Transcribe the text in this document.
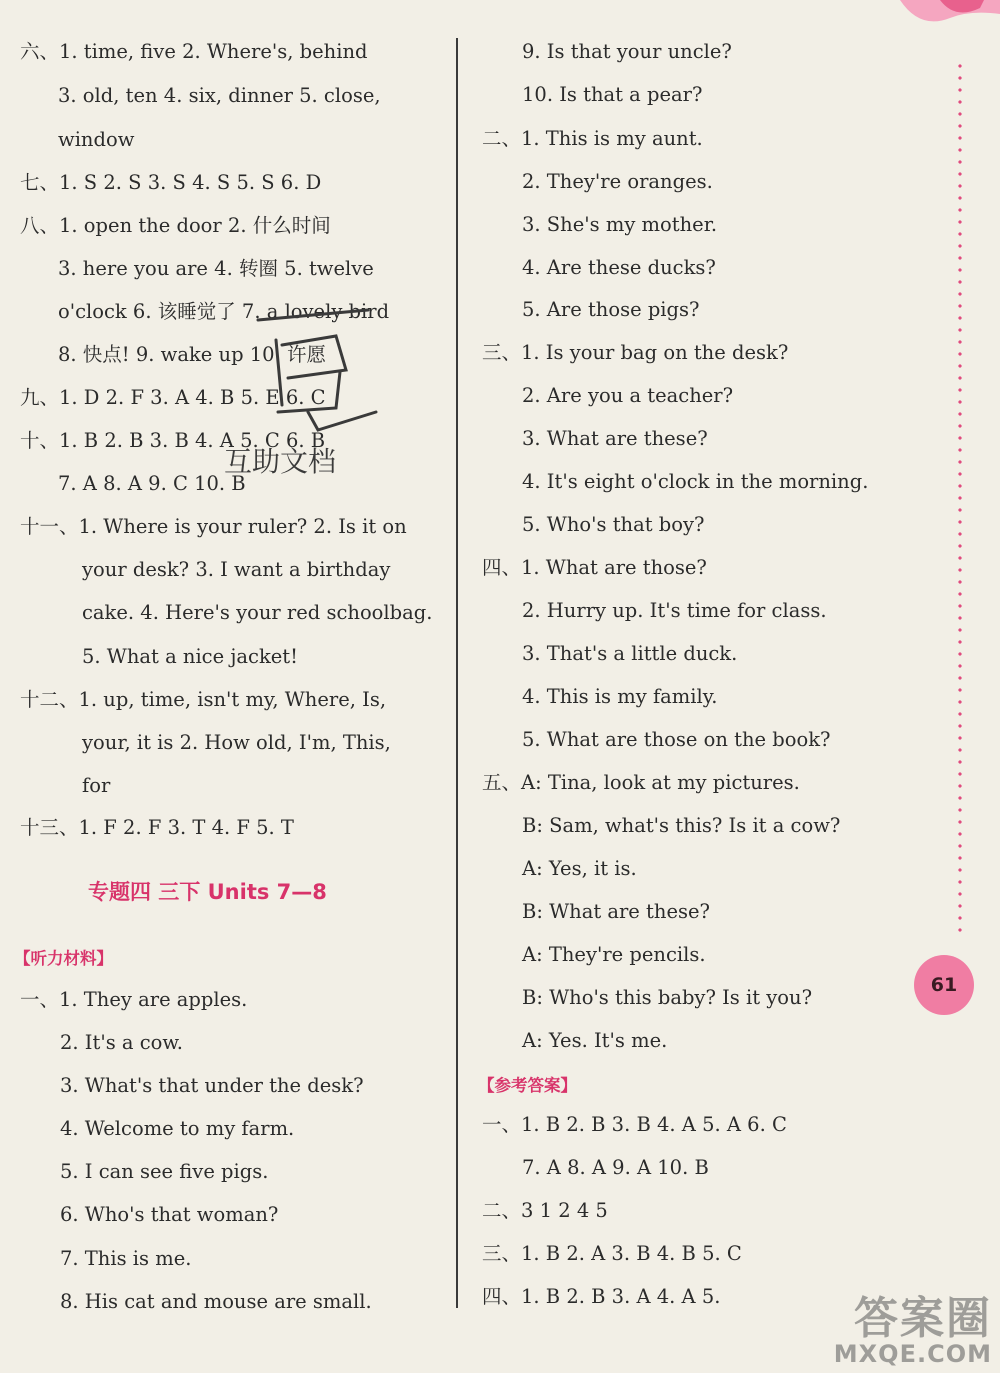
六、1. time, five 2. Where's, behind
3. old, ten 4. six, dinner 5. close,
window
七、1. S 2. S 3. S 4. S 5. S 6. D
八、1. open the door 2. 什么时间
3. here you are 4. 转圈 5. twelve
o'clock 6. 该睡觉了 7. a lovely bird
8. 快点! 9. wake up 10. 许愿
九、1. D 2. F 3. A 4. B 5. E 6. C
十、1. B 2. B 3. B 4. A 5. C 6. B
7. A 8. A 9. C 10. B
十一、1. Where is your ruler? 2. Is it on
your desk? 3. I want a birthday
cake. 4. Here's your red schoolbag.
5. What a nice jacket!
十二、1. up, time, isn't my, Where, Is,
your, it is 2. How old, I'm, This,
for
十三、1. F 2. F 3. T 4. F 5. T
专题四 三下 Units 7—8
【听力材料】
一、1. They are apples.
2. It's a cow.
3. What's that under the desk?
4. Welcome to my farm.
5. I can see five pigs.
6. Who's that woman?
7. This is me.
8. His cat and mouse are small.
9. Is that your uncle?
10. Is that a pear?
二、1. This is my aunt.
2. They're oranges.
3. She's my mother.
4. Are these ducks?
5. Are those pigs?
三、1. Is your bag on the desk?
2. Are you a teacher?
3. What are these?
4. It's eight o'clock in the morning.
5. Who's that boy?
四、1. What are those?
2. Hurry up. It's time for class.
3. That's a little duck.
4. This is my family.
5. What are those on the book?
五、A: Tina, look at my pictures.
B: Sam, what's this? Is it a cow?
A: Yes, it is.
B: What are these?
A: They're pencils.
B: Who's this baby? Is it you?
A: Yes. It's me.
【参考答案】
一、1. B 2. B 3. B 4. A 5. A 6. C
7. A 8. A 9. A 10. B
二、3 1 2 4 5
三、1. B 2. A 3. B 4. B 5. C
四、1. B 2. B 3. A 4. A 5.
61
互助文档
答案圈
MXQE.COM
